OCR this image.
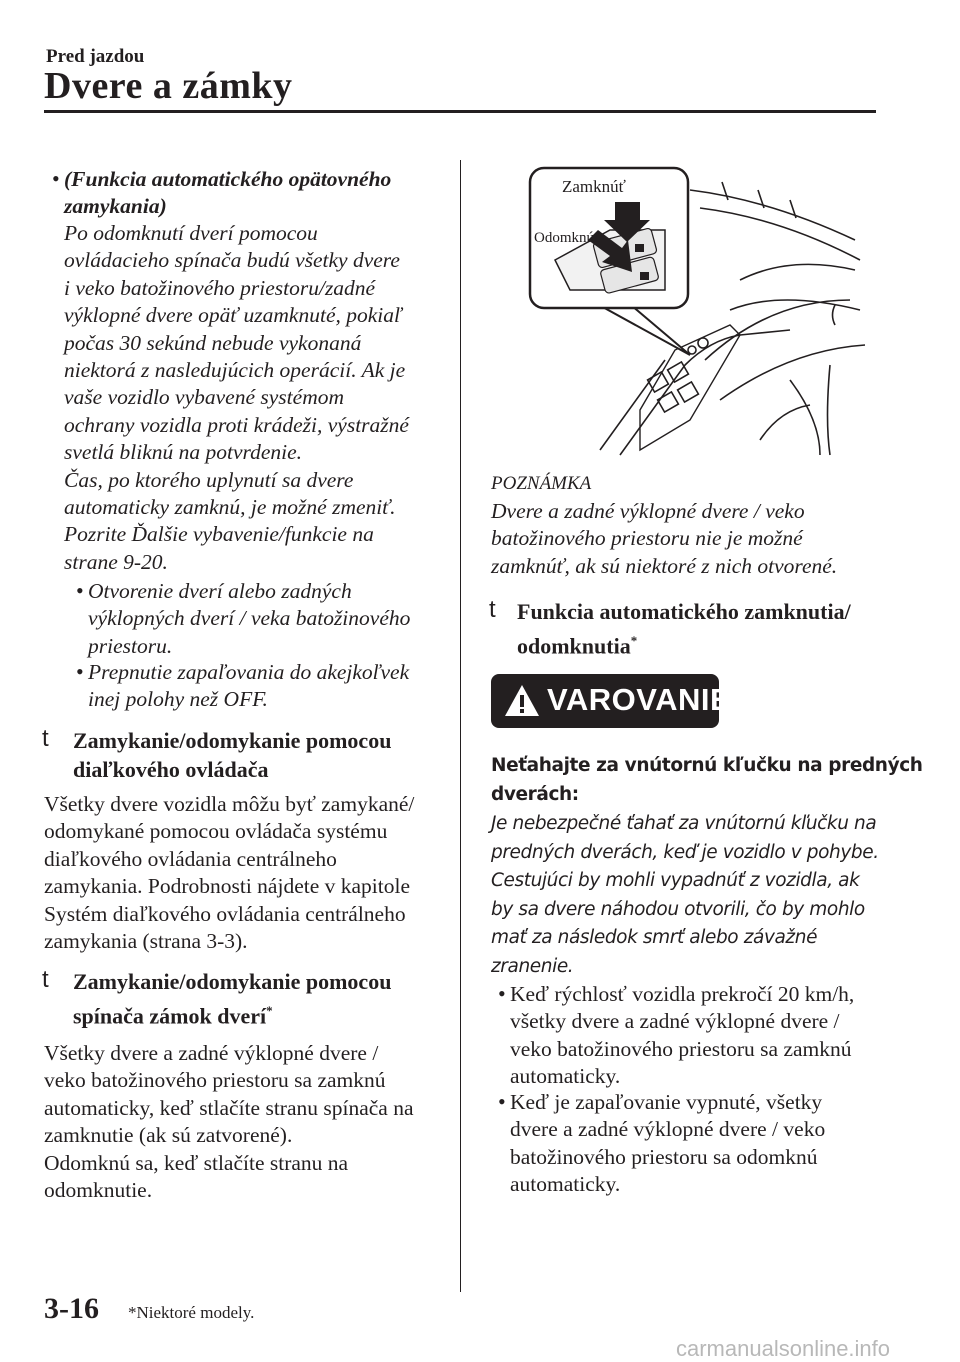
Pred jazdou
Dvere a zámky
• (Funkcia automatického opätovného
zamykania)
Po odomknutí dverí pomocou
ovládacieho spínača budú všetky dvere
i veko batožinového priestoru/zadné
výklopné dvere opäť uzamknuté, pokiaľ
počas 30 sekúnd nebude vykonaná
niektorá z nasledujúcich operácií. Ak je
vaše vozidlo vybavené systémom
ochrany vozidla proti krádeži, výstražné
svetlá bliknú na potvrdenie.
Čas, po ktorého uplynutí sa dvere
automaticky zamknú, je možné zmeniť.
Pozrite Ďalšie vybavenie/funkcie na
strane 9-20.
• Otvorenie dverí alebo zadných
výklopných dverí / veka batožinového
priestoru.
• Prepnutie zapaľovania do akejkoľvek
inej polohy než OFF.
t Zamykanie/odomykanie pomocou
diaľkového ovládača
Všetky dvere vozidla môžu byť zamykané/
odomykané pomocou ovládača systému
diaľkového ovládania centrálneho
zamykania. Podrobnosti nájdete v kapitole
Systém diaľkového ovládania centrálneho
zamykania (strana 3-3).
t Zamykanie/odomykanie pomocou
spínača zámok dverí*
Všetky dvere a zadné výklopné dvere /
veko batožinového priestoru sa zamknú
automaticky, keď stlačíte stranu spínača na
zamknutie (ak sú zatvorené).
Odomknú sa, keď stlačíte stranu na
odomknutie.
Zamknúť
Odomknúť
POZNÁMKA
Dvere a zadné výklopné dvere / veko
batožinového priestoru nie je možné
zamknúť, ak sú niektoré z nich otvorené.
t Funkcia automatického zamknutia/
odomknutia*
VAROVANIE
Neťahajte za vnútornú kľučku na predných
dverách:
Je nebezpečné ťahať za vnútornú kľučku na
predných dverách, keď je vozidlo v pohybe.
Cestujúci by mohli vypadnúť z vozidla, ak
by sa dvere náhodou otvorili, čo by mohlo
mať za následok smrť alebo závažné
zranenie.
• Keď rýchlosť vozidla prekročí 20 km/h,
všetky dvere a zadné výklopné dvere /
veko batožinového priestoru sa zamknú
automaticky.
• Keď je zapaľovanie vypnuté, všetky
dvere a zadné výklopné dvere / veko
batožinového priestoru sa odomknú
automaticky.
3-16 *Niektoré modely.
carmanualsonline.info
